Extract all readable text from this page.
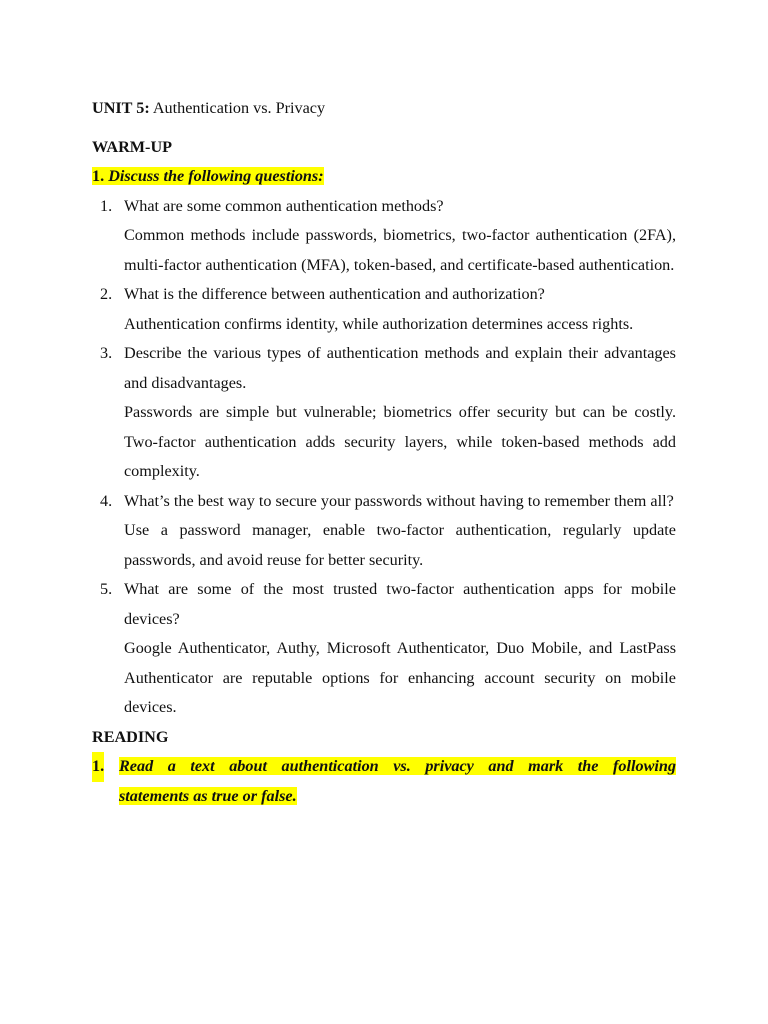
UNIT 5: Authentication vs. Privacy
WARM-UP
1. Discuss the following questions:
1. What are some common authentication methods?
Common methods include passwords, biometrics, two-factor authentication (2FA), multi-factor authentication (MFA), token-based, and certificate-based authentication.
2. What is the difference between authentication and authorization?
Authentication confirms identity, while authorization determines access rights.
3. Describe the various types of authentication methods and explain their advantages and disadvantages.
Passwords are simple but vulnerable; biometrics offer security but can be costly. Two-factor authentication adds security layers, while token-based methods add complexity.
4. What’s the best way to secure your passwords without having to remember them all?
Use a password manager, enable two-factor authentication, regularly update passwords, and avoid reuse for better security.
5. What are some of the most trusted two-factor authentication apps for mobile devices?
Google Authenticator, Authy, Microsoft Authenticator, Duo Mobile, and LastPass Authenticator are reputable options for enhancing account security on mobile devices.
READING
1. Read a text about authentication vs. privacy and mark the following
statements as true or false.
